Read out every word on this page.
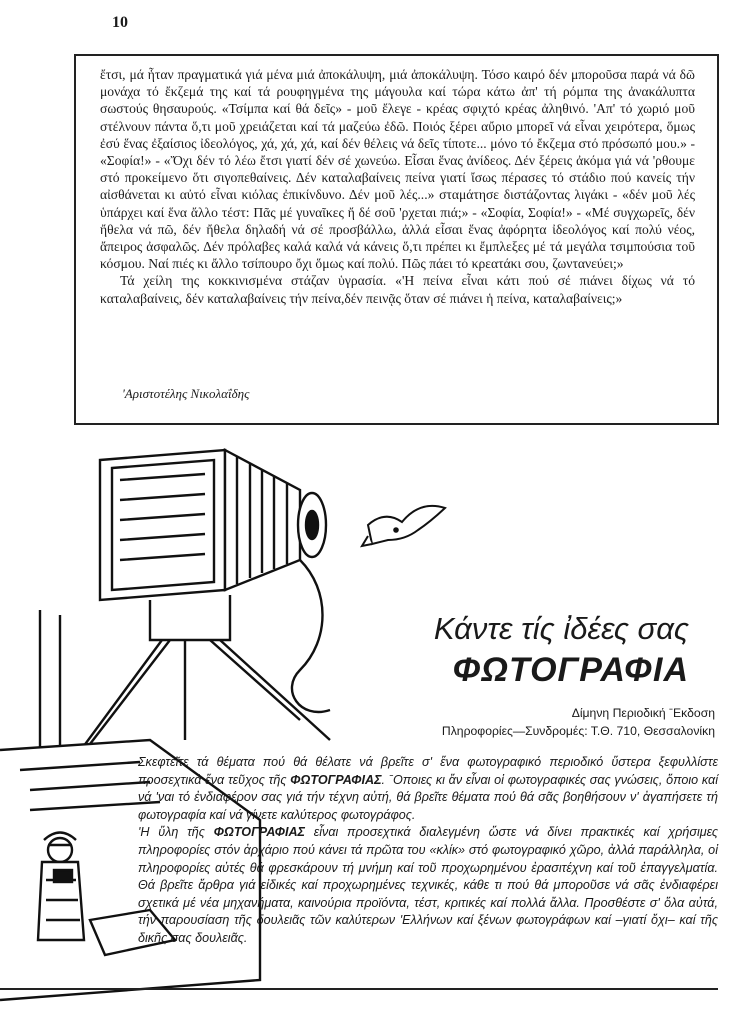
10

ἔτσι, μά ἦταν πραγματικά γιά μένα μιά ἀποκάλυψη, μιά ἀποκάλυψη. Τόσο καιρό δέν μποροῦσα παρά νά δῶ μονάχα τό ἔκζεμά της καί τά ρουφηγμένα της μάγουλα καί τώρα κάτω ἀπ' τή ρόμπα της ἀνακάλυπτα σωστούς θησαυρούς. «Τσίμπα καί θά δεῖς» - μοῦ ἔλεγε - κρέας σφιχτό κρέας ἀληθινό. 'Απ' τό χωριό μοῦ στέλνουν πάντα ὅ,τι μοῦ χρειάζεται καί τά μαζεύω ἐδῶ. Ποιός ξέρει αὔριο μπορεῖ νά εἶναι χειρότερα, ὅμως ἐσύ ἕνας ἐξαίσιος ἰδεολόγος, χά, χά, χά, καί δέν θέλεις νά δεῖς τίποτε... μόνο τό ἔκζεμα στό πρόσωπό μου.» - «Σοφία!» - «Ὄχι δέν τό λέω ἔτσι γιατί δέν σέ χωνεύω. Εἶσαι ἕνας ἀνίδεος. Δέν ξέρεις ἀκόμα γιά νά 'ρθουμε στό προκείμενο ὅτι σιγοπεθαίνεις. Δέν καταλαβαίνεις πείνα γιατί ἴσως πέρασες τό στάδιο πού κανείς τήν αἰσθάνεται κι αὐτό εἶναι κιόλας ἐπικίνδυνο. Δέν μοῦ λές...» σταμάτησε διστάζοντας λιγάκι - «δέν μοῦ λές ὑπάρχει καί ἕνα ἄλλο τέστ: Πᾶς μέ γυναῖκες ἤ δέ σοῦ 'ρχεται πιά;» - «Σοφία, Σοφία!» - «Μέ συγχωρεῖς, δέν ἤθελα νά πῶ, δέν ἤθελα δηλαδή νά σέ προσβάλλω, ἀλλά εἶσαι ἕνας ἀφόρητα ἰδεολόγος καί πολύ νέος, ἄπειρος ἀσφαλῶς. Δέν πρόλαβες καλά καλά νά κάνεις ὅ,τι πρέπει κι ἔμπλεξες μέ τά μεγάλα τσιμπούσια τοῦ κόσμου. Ναί πιές κι ἄλλο τσίπουρο ὄχι ὅμως καί πολύ. Πῶς πάει τό κρεατάκι σου, ζωντανεύει;»

Τά χείλη της κοκκινισμένα στάζαν ὑγρασία. «'Η πείνα εἶναι κάτι πού σέ πιάνει δίχως νά τό καταλαβαίνεις, δέν καταλαβαίνεις τήν πείνα,δέν πεινᾷς ὅταν σέ πιάνει ἡ πείνα, καταλαβαίνεις;»

'Αριστοτέλης Νικολαΐδης
Κάντε τίς ἰδέες σας
ΦΩΤΟΓΡΑΦΙΑ
Δίμηνη Περιοδική ˉΕκδοση
Πληροφορίες—Συνδρομές: Τ.Θ. 710, Θεσσαλονίκη

Σκεφτεῖτε τά θέματα πού θά θέλατε νά βρεῖτε σ' ἕνα φωτογραφικό περιοδικό ὕστερα ξεφυλλίστε προσεχτικά ἕνα τεῦχος τῆς ΦΩΤΟΓΡΑΦΙΑΣ. ˉΟποιες κι ἄν εἶναι οἱ φωτογραφικές σας γνώσεις, ὅποιο καί νά 'ναι τό ἐνδιαφέρον σας γιά τήν τέχνη αὐτή, θά βρεῖτε θέματα πού θά σᾶς βοηθήσουν ν' ἀγαπήσετε τή φωτογραφία καί νά γίνετε καλύτερος φωτογράφος.

'Η ὕλη τῆς ΦΩΤΟΓΡΑΦΙΑΣ εἶναι προσεχτικά διαλεγμένη ὥστε νά δίνει πρακτικές καί χρήσιμες πληροφορίες στόν ἀρχάριο πού κάνει τά πρῶτα του «κλίκ» στό φωτογραφικό χῶρο, ἀλλά παράλληλα, οἱ πληροφορίες αὐτές θά φρεσκάρουν τή μνήμη καί τοῦ προχωρημένου ἐρασιτέχνη καί τοῦ ἐπαγγελματία. Θά βρεῖτε ἄρθρα γιά εἰδικές καί προχωρημένες τεχνικές, κάθε τι πού θά μποροῦσε νά σᾶς ἐνδιαφέρει σχετικά μέ νέα μηχανήματα, καινούρια προϊόντα, τέστ, κριτικές καί πολλά ἄλλα. Προσθέστε σ' ὅλα αὐτά, τήν παρουσίαση τῆς δουλειᾶς τῶν καλύτερων 'Ελλήνων καί ξένων φωτογράφων καί –γιατί ὄχι– καί τῆς δικῆς σας δουλειᾶς.
